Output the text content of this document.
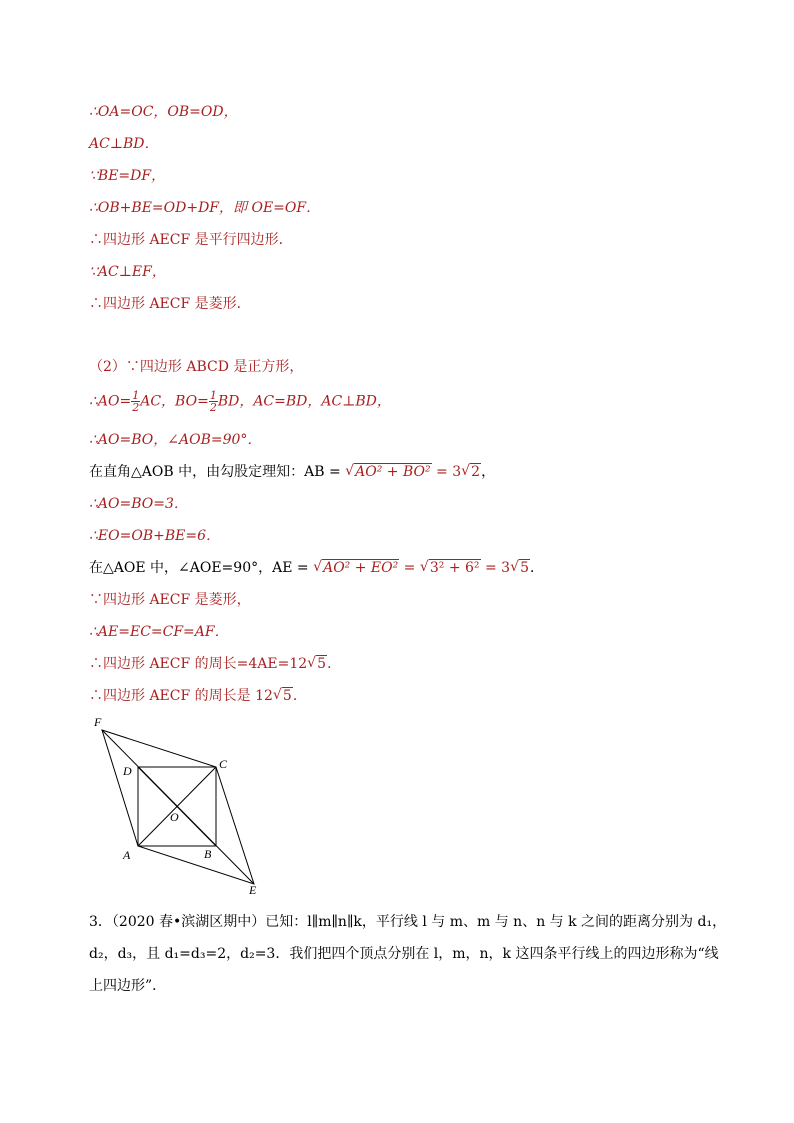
∴OA=OC，OB=OD，
AC⊥BD．
∵BE=DF，
∴OB+BE=OD+DF，即 OE=OF．
∴四边形 AECF 是平行四边形．
∵AC⊥EF，
∴四边形 AECF 是菱形．
（2）∵四边形 ABCD 是正方形，
∴AO= $\frac{1}{2}$ AC，$BO= \frac{1}{2}$ BD，AC=BD，AC⊥BD，
∴AO=BO，∠AOB=90°．
在直角△AOB 中，由勾股定理知：AB = √ AO² + BO² = 3 √ 2，
∴AO=BO=3．
∴EO=OB+BE=6．
在△AOE 中，∠AOE=90°，AE = √ AO² + EO² = √ 3² + 6² = 3 √ 5．
∵四边形 AECF 是菱形，
∴AE=EC=CF=AF．
∴四边形 AECF 的周长=4AE=12 √ 5．
∴四边形 AECF 的周长是 12 √ 5．
F
D	C
O
A	B
E
3．（2020 春•滨湖区期中）已知：l∥m∥n∥k，平行线 l 与 m、m 与 n、n 与 k 之间的距离分别为 d₁，d₂，d₃，且 d₁=d₃=2，d₂=3．我们把四个顶点分别在 l，m，n，k 这四条平行线上的四边形称为“线上四边形”．
